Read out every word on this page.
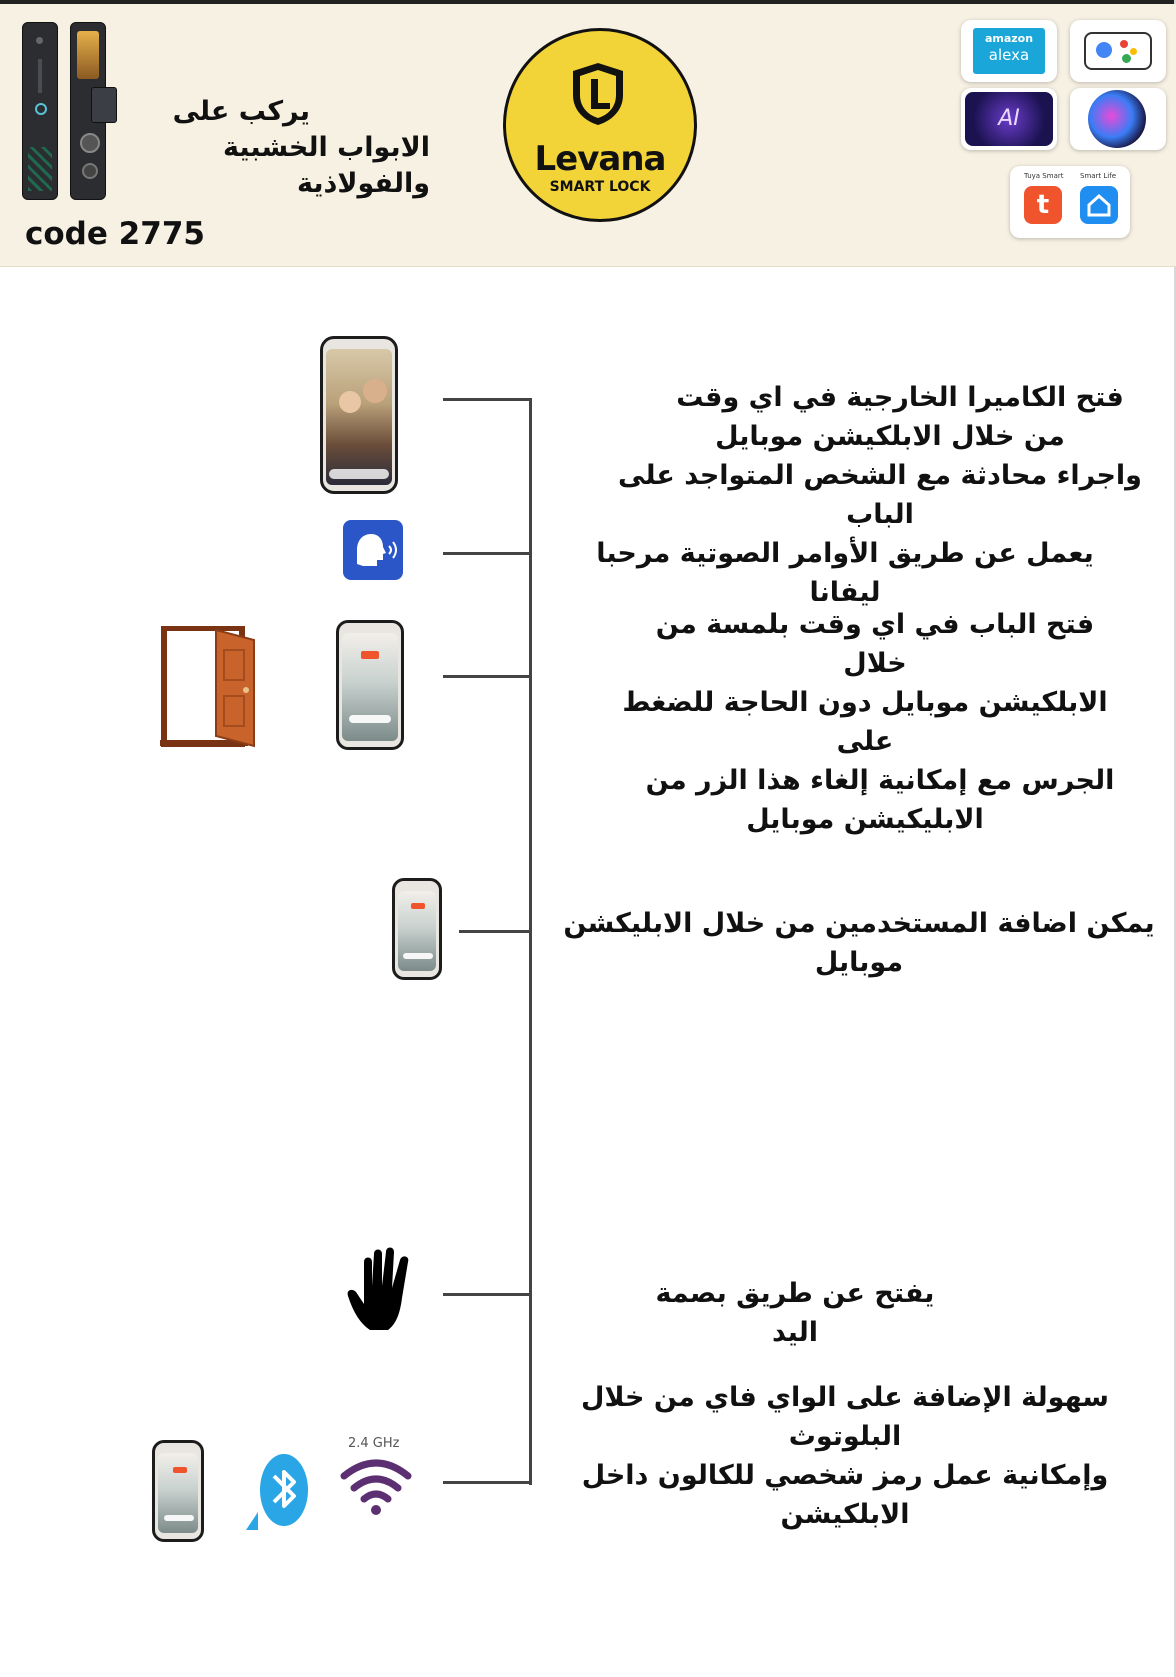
يركب على
الابواب الخشبية والفولاذية
code 2775
Levana
SMART LOCK
amazon
alexa
AI
Tuya Smart Smart Life
t
فتح الكاميرا الخارجية في اي وقت
من خلال الابلكيشن موبايل
واجراء محادثة مع الشخص المتواجد على الباب
يعمل عن طريق الأوامر الصوتية مرحبا ليفانا
فتح الباب في اي وقت بلمسة من خلال
الابلكيشن موبايل دون الحاجة للضغط على
الجرس مع إمكانية إلغاء هذا الزر من
الابليكيشن موبايل
يمكن اضافة المستخدمين من خلال الابليكشن موبايل
يفتح عن طريق بصمة اليد
2.4 GHz
سهولة الإضافة على الواي فاي من خلال البلوتوث
وإمكانية عمل رمز شخصي للكالون داخل
الابلكيشن
